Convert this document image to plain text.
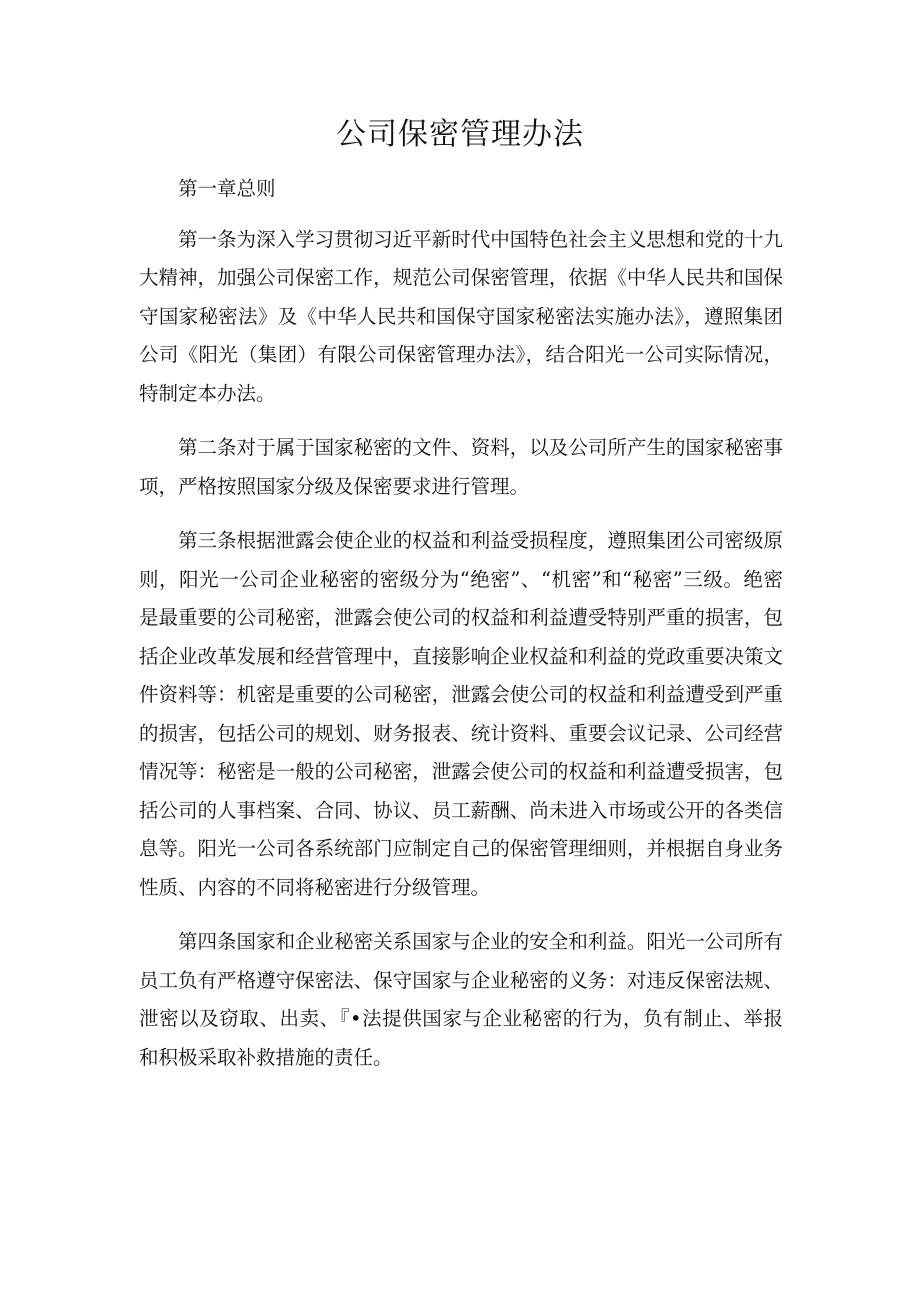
公司保密管理办法

第一章总则

第一条为深入学习贯彻习近平新时代中国特色社会主义思想和党的十九大精神，加强公司保密工作，规范公司保密管理，依据《中华人民共和国保守国家秘密法》及《中华人民共和国保守国家秘密法实施办法》，遵照集团公司《阳光（集团）有限公司保密管理办法》，结合阳光一公司实际情况，特制定本办法。

第二条对于属于国家秘密的文件、资料，以及公司所产生的国家秘密事项，严格按照国家分级及保密要求进行管理。

第三条根据泄露会使企业的权益和利益受损程度，遵照集团公司密级原则，阳光一公司企业秘密的密级分为“绝密”、“机密”和“秘密”三级。绝密是最重要的公司秘密，泄露会使公司的权益和利益遭受特别严重的损害，包括企业改革发展和经营管理中，直接影响企业权益和利益的党政重要决策文件资料等：机密是重要的公司秘密，泄露会使公司的权益和利益遭受到严重的损害，包括公司的规划、财务报表、统计资料、重要会议记录、公司经营情况等：秘密是一般的公司秘密，泄露会使公司的权益和利益遭受损害，包括公司的人事档案、合同、协议、员工薪酬、尚未进入市场或公开的各类信息等。阳光一公司各系统部门应制定自己的保密管理细则，并根据自身业务性质、内容的不同将秘密进行分级管理。

第四条国家和企业秘密关系国家与企业的安全和利益。阳光一公司所有员工负有严格遵守保密法、保守国家与企业秘密的义务：对违反保密法规、泄密以及窃取、出卖、『•法提供国家与企业秘密的行为，负有制止、举报和积极采取补救措施的责任。
